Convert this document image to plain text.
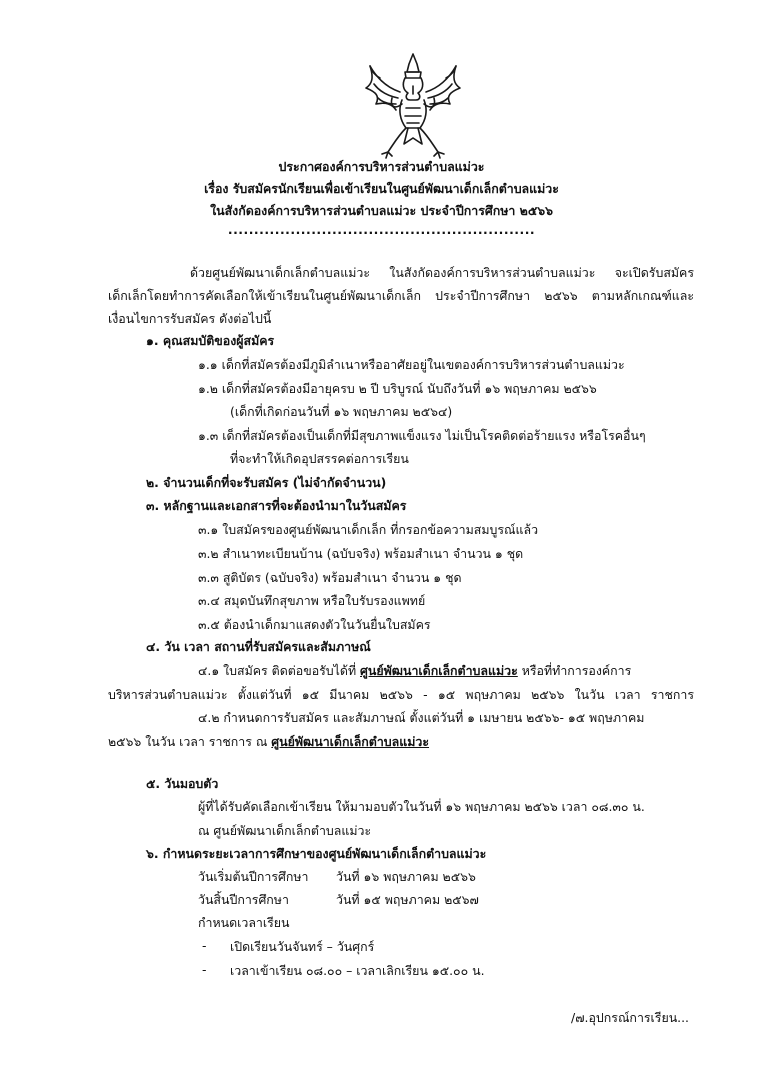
ประกาศองค์การบริหารส่วนตำบลแม่วะ
เรื่อง รับสมัครนักเรียนเพื่อเข้าเรียนในศูนย์พัฒนาเด็กเล็กตำบลแม่วะ
ในสังกัดองค์การบริหารส่วนตำบลแม่วะ ประจำปีการศึกษา ๒๕๖๖
...........................................................
ด้วยศูนย์พัฒนาเด็กเล็กตำบลแม่วะ ในสังกัดองค์การบริหารส่วนตำบลแม่วะ จะเปิดรับสมัคร
เด็กเล็กโดยทำการคัดเลือกให้เข้าเรียนในศูนย์พัฒนาเด็กเล็ก ประจำปีการศึกษา ๒๕๖๖ ตามหลักเกณฑ์และ
เงื่อนไขการรับสมัคร ดังต่อไปนี้
๑. คุณสมบัติของผู้สมัคร
๑.๑ เด็กที่สมัครต้องมีภูมิลำเนาหรืออาศัยอยู่ในเขตองค์การบริหารส่วนตำบลแม่วะ
๑.๒ เด็กที่สมัครต้องมีอายุครบ ๒ ปี บริบูรณ์ นับถึงวันที่ ๑๖ พฤษภาคม ๒๕๖๖
(เด็กที่เกิดก่อนวันที่ ๑๖ พฤษภาคม ๒๕๖๔)
๑.๓ เด็กที่สมัครต้องเป็นเด็กที่มีสุขภาพแข็งแรง ไม่เป็นโรคติดต่อร้ายแรง หรือโรคอื่นๆ
ที่จะทำให้เกิดอุปสรรคต่อการเรียน
๒. จำนวนเด็กที่จะรับสมัคร (ไม่จำกัดจำนวน)
๓. หลักฐานและเอกสารที่จะต้องนำมาในวันสมัคร
๓.๑ ใบสมัครของศูนย์พัฒนาเด็กเล็ก ที่กรอกข้อความสมบูรณ์แล้ว
๓.๒ สำเนาทะเบียนบ้าน (ฉบับจริง) พร้อมสำเนา จำนวน ๑ ชุด
๓.๓ สูติบัตร (ฉบับจริง) พร้อมสำเนา จำนวน ๑ ชุด
๓.๔ สมุดบันทึกสุขภาพ หรือใบรับรองแพทย์
๓.๕ ต้องนำเด็กมาแสดงตัวในวันยื่นใบสมัคร
๔. วัน เวลา สถานที่รับสมัครและสัมภาษณ์
๔.๑ ใบสมัคร ติดต่อขอรับได้ที่ ศูนย์พัฒนาเด็กเล็กตำบลแม่วะ หรือที่ทำการองค์การ
บริหารส่วนตำบลแม่วะ ตั้งแต่วันที่ ๑๕ มีนาคม ๒๕๖๖ - ๑๕ พฤษภาคม ๒๕๖๖ ในวัน เวลา ราชการ
๔.๒ กำหนดการรับสมัคร และสัมภาษณ์ ตั้งแต่วันที่ ๑ เมษายน ๒๕๖๖- ๑๕ พฤษภาคม
๒๕๖๖ ในวัน เวลา ราชการ ณ ศูนย์พัฒนาเด็กเล็กตำบลแม่วะ
๕. วันมอบตัว
ผู้ที่ได้รับคัดเลือกเข้าเรียน ให้มามอบตัวในวันที่ ๑๖ พฤษภาคม ๒๕๖๖ เวลา ๐๘.๓๐ น.
ณ ศูนย์พัฒนาเด็กเล็กตำบลแม่วะ
๖. กำหนดระยะเวลาการศึกษาของศูนย์พัฒนาเด็กเล็กตำบลแม่วะ
วันเริ่มต้นปีการศึกษา วันที่ ๑๖ พฤษภาคม ๒๕๖๖
วันสิ้นปีการศึกษา	วันที่ ๑๕ พฤษภาคม ๒๕๖๗
กำหนดเวลาเรียน
- เปิดเรียนวันจันทร์ – วันศุกร์
- เวลาเข้าเรียน ๐๘.๐๐ – เวลาเลิกเรียน ๑๕.๐๐ น.
/๗.อุปกรณ์การเรียน...
